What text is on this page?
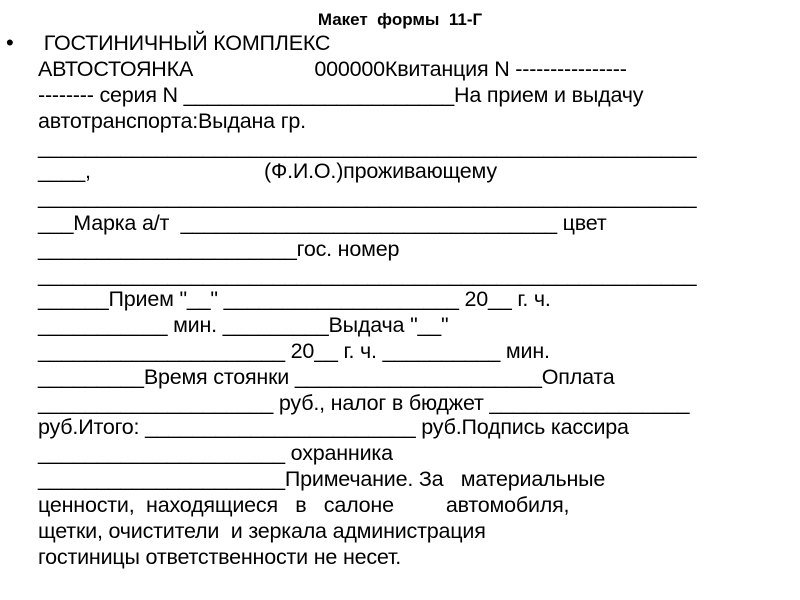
Макет  формы  11-Г
• ГОСТИНИЧНЫЙ КОМПЛЕКС
АВТОСТОЯНКА                     000000Квитанция N ----------------
-------- серия N _______________________На прием и выдачу
автотранспорта:Выдана гр.
________________________________________________________
____,                              (Ф.И.О.)проживающему
________________________________________________________
___Марка а/т  ________________________________ цвет
______________________гос. номер
________________________________________________________
______Прием "__" ____________________ 20__ г. ч.
___________ мин. _________Выдача "__"
_____________________ 20__ г. ч. __________ мин.
_________Время стоянки _____________________Оплата
____________________ руб., налог в бюджет _________________
руб.Итого: _______________________ руб.Подпись кассира
_____________________ охранника
_____________________Примечание. За   материальные
ценности,  находящиеся   в   салоне         автомобиля,
щетки, очистители  и зеркала администрация
гостиницы ответственности не несет.
